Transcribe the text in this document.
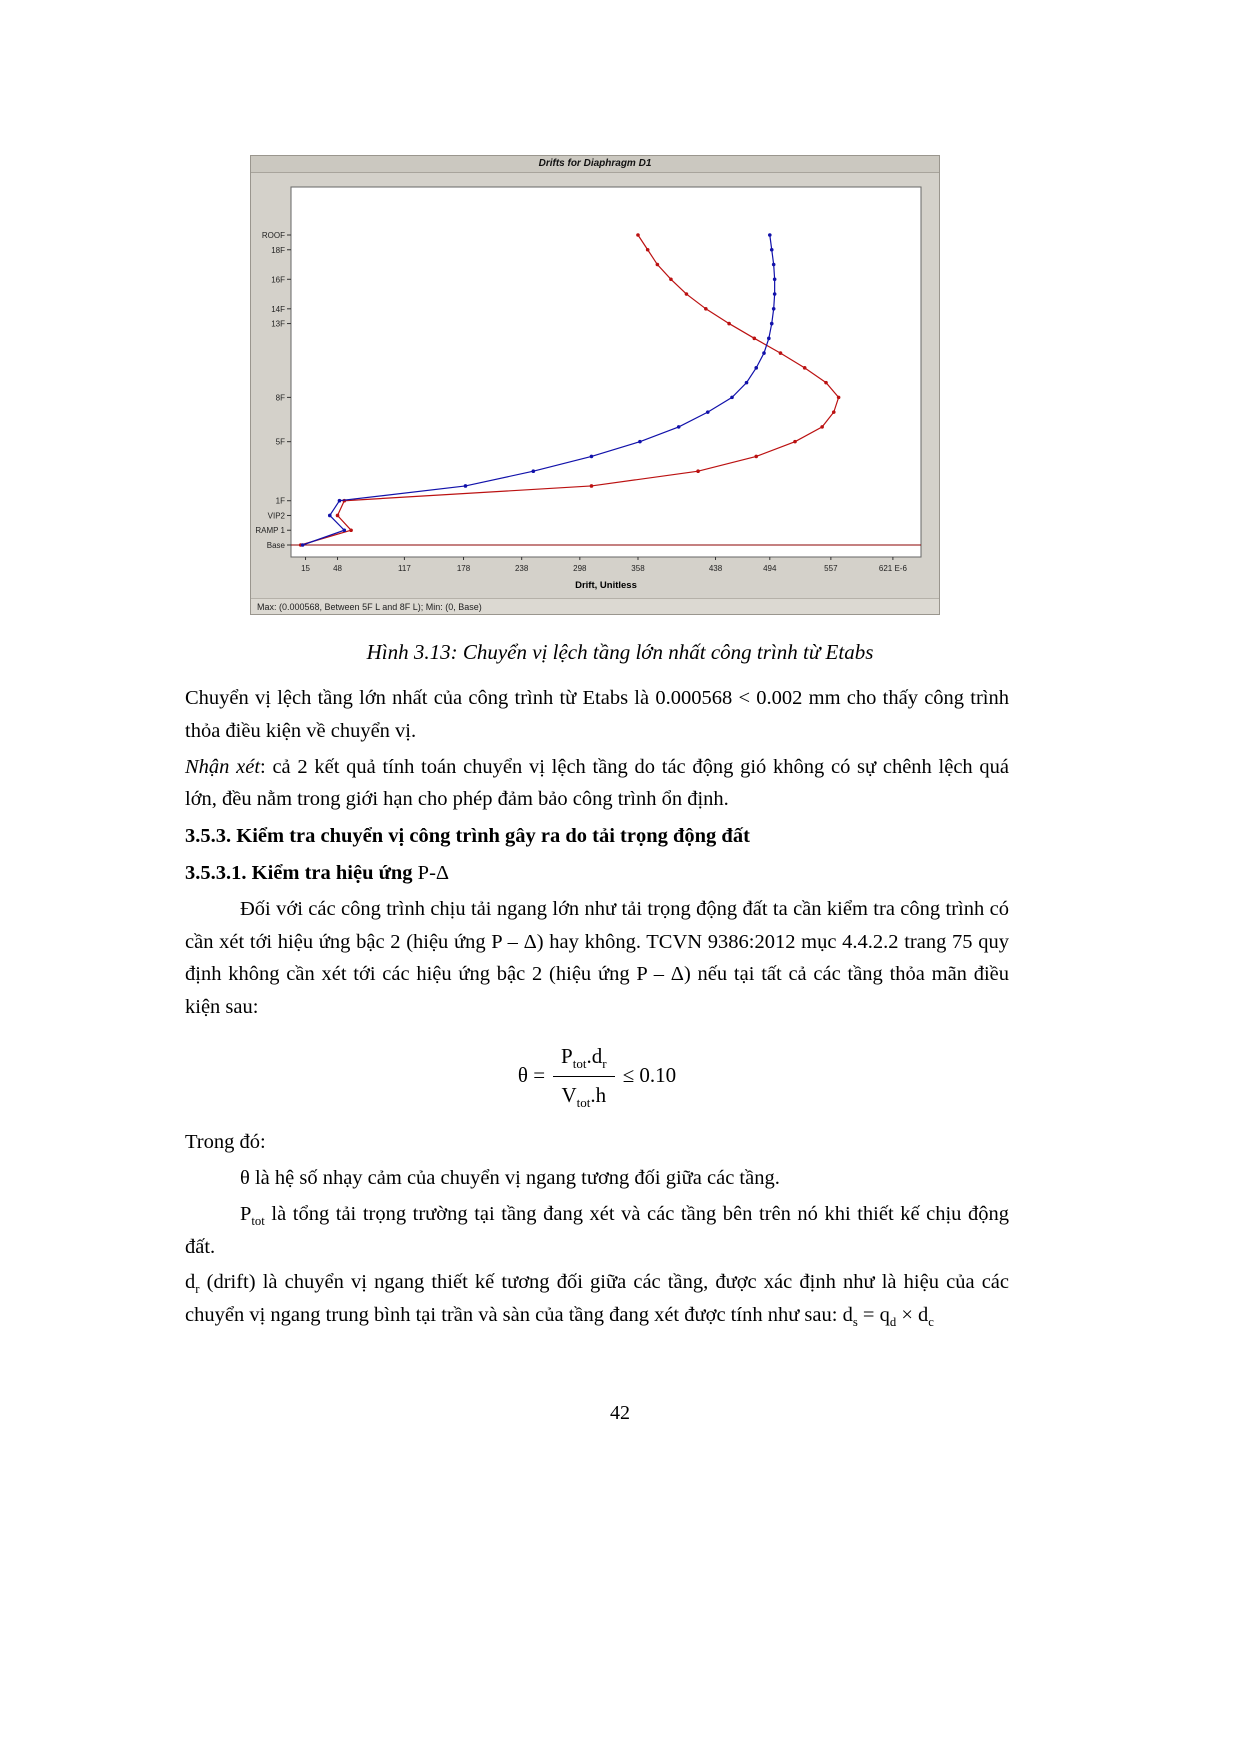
Drifts for Diaphragm D1
ROOF
18F
16F
14F
13F
8F
5F
1F
VIP2
RAMP 1
Base
15	48	117	178	238	298	358	438	494	557	621 E-6
Drift, Unitless
Max: (0.000568, Between 5F L and 8F L); Min: (0, Base)
Hình 3.13: Chuyển vị lệch tầng lớn nhất công trình từ Etabs

Chuyển vị lệch tầng lớn nhất của công trình từ Etabs là 0.000568 < 0.002 mm cho thấy công trình thỏa điều kiện về chuyển vị.

Nhận xét: cả 2 kết quả tính toán chuyển vị lệch tầng do tác động gió không có sự chênh lệch quá lớn, đều nằm trong giới hạn cho phép đảm bảo công trình ổn định.

3.5.3. Kiểm tra chuyển vị công trình gây ra do tải trọng động đất

3.5.3.1. Kiểm tra hiệu ứng P-Δ

Đối với các công trình chịu tải ngang lớn như tải trọng động đất ta cần kiểm tra công trình có cần xét tới hiệu ứng bậc 2 (hiệu ứng P – Δ) hay không. TCVN 9386:2012 mục 4.4.2.2 trang 75 quy định không cần xét tới các hiệu ứng bậc 2 (hiệu ứng P – Δ) nếu tại tất cả các tầng thỏa mãn điều kiện sau:

$\theta = \frac{P_{tot}.d_r}{V_{tot}.h} \le 0.10$

Trong đó:

θ là hệ số nhạy cảm của chuyển vị ngang tương đối giữa các tầng.

$P_{tot}$ là tổng tải trọng trường tại tầng đang xét và các tầng bên trên nó khi thiết kế chịu động đất.

$d_r$ (drift) là chuyển vị ngang thiết kế tương đối giữa các tầng, được xác định như là hiệu của các chuyển vị ngang trung bình tại trần và sàn của tầng đang xét được tính như sau: $d_s = q_d \times d_c$

42
